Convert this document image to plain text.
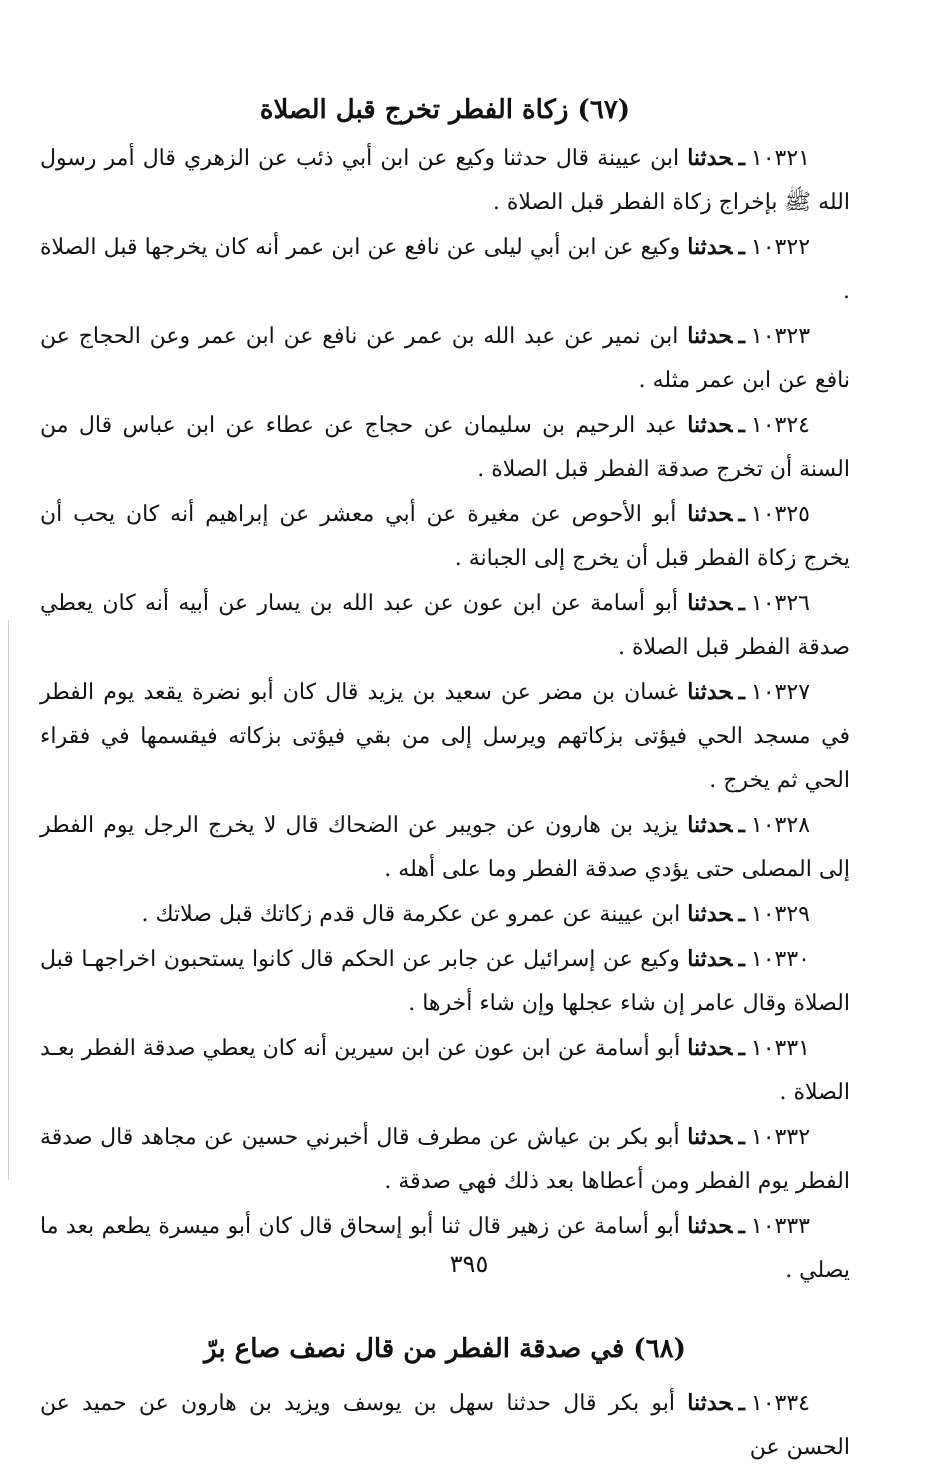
(٦٧) زكاة الفطر تخرج قبل الصلاة

١٠٣٢١ـحدثنا ابن عيينة قال حدثنا وكيع عن ابن أبي ذئب عن الزهري قال أمر رسول الله ﷺ بإخراج زكاة الفطر قبل الصلاة .

١٠٣٢٢ـحدثنا وكيع عن ابن أبي ليلى عن نافع عن ابن عمر أنه كان يخرجها قبل الصلاة .

١٠٣٢٣ـحدثنا ابن نمير عن عبد الله بن عمر عن نافع عن ابن عمر وعن الحجاج عن نافع عن ابن عمر مثله .

١٠٣٢٤ـحدثنا عبد الرحيم بن سليمان عن حجاج عن عطاء عن ابن عباس قال من السنة أن تخرج صدقة الفطر قبل الصلاة .

١٠٣٢٥ـحدثنا أبو الأحوص عن مغيرة عن أبي معشر عن إبراهيم أنه كان يحب أن يخرج زكاة الفطر قبل أن يخرج إلى الجبانة .

١٠٣٢٦ـحدثنا أبو أسامة عن ابن عون عن عبد الله بن يسار عن أبيه أنه كان يعطي صدقة الفطر قبل الصلاة .

١٠٣٢٧ـحدثنا غسان بن مضر عن سعيد بن يزيد قال كان أبو نضرة يقعد يوم الفطر في مسجد الحي فيؤتى بزكاتهم ويرسل إلى من بقي فيؤتى بزكاته فيقسمها في فقراء الحي ثم يخرج .

١٠٣٢٨ـحدثنا يزيد بن هارون عن جويبر عن الضحاك قال لا يخرج الرجل يوم الفطر إلى المصلى حتى يؤدي صدقة الفطر وما على أهله .

١٠٣٢٩ـحدثنا ابن عيينة عن عمرو عن عكرمة قال قدم زكاتك قبل صلاتك .

١٠٣٣٠ـحدثنا وكيع عن إسرائيل عن جابر عن الحكم قال كانوا يستحبون اخراجهـا قبل الصلاة وقال عامر إن شاء عجلها وإن شاء أخرها .

١٠٣٣١ـحدثنا أبو أسامة عن ابن عون عن ابن سيرين أنه كان يعطي صدقة الفطر بعـد الصلاة .

١٠٣٣٢ـحدثنا أبو بكر بن عياش عن مطرف قال أخبرني حسين عن مجاهد قال صدقة الفطر يوم الفطر ومن أعطاها بعد ذلك فهي صدقة .

١٠٣٣٣ـحدثنا أبو أسامة عن زهير قال ثنا أبو إسحاق قال كان أبو ميسرة يطعم بعد ما يصلي .

(٦٨) في صدقة الفطر من قال نصف صاع برّ

١٠٣٣٤ـحدثنا أبو بكر قال حدثنا سهل بن يوسف ويزيد بن هارون عن حميد عن الحسن عن

٣٩٥
